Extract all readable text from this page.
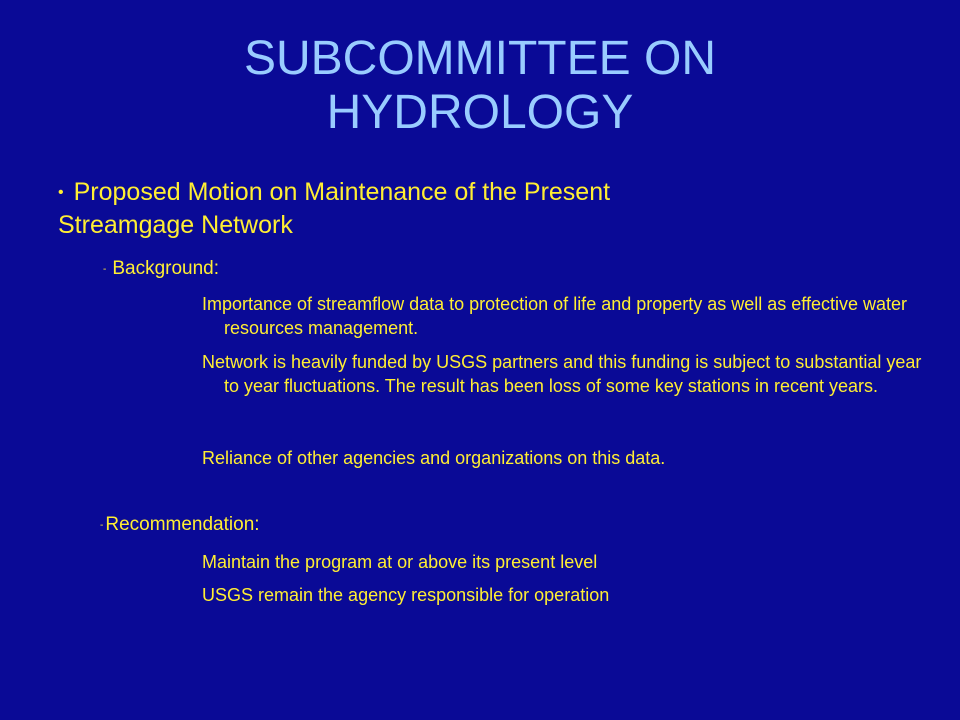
SUBCOMMITTEE ON
HYDROLOGY
• Proposed Motion on Maintenance of the Present
Streamgage Network
- Background:
Importance of streamflow data to protection of life and property as well as effective water resources management.
Network is heavily funded by USGS partners and this funding is subject to substantial year to year fluctuations. The result has been loss of some key stations in recent years.
Reliance of other agencies and organizations on this data.
- Recommendation:
Maintain the program at or above its present level
USGS remain the agency responsible for operation
